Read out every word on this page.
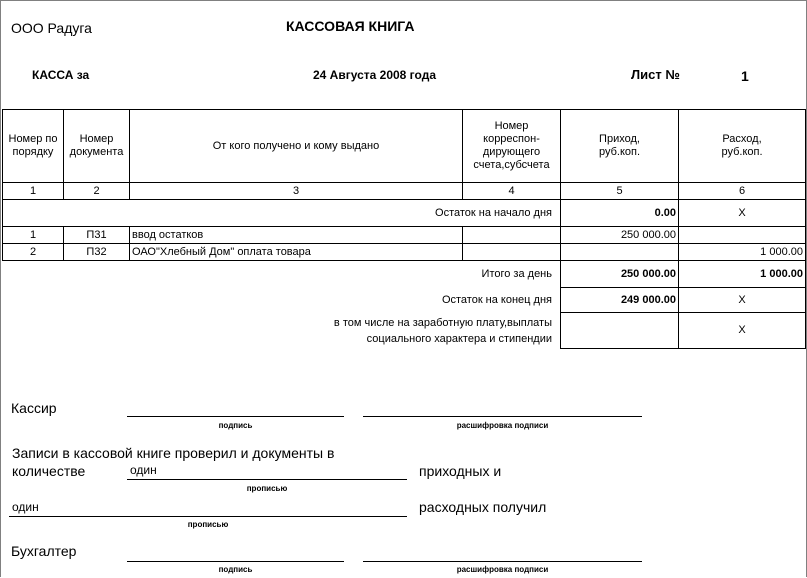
ООО Радуга	КАССОВАЯ КНИГА
КАССА за	24 Августа 2008 года	Лист №	1
Номер по порядку	Номер документа	От кого получено и кому выдано	Номер корреспон-дирующего счета,субсчета	Приход, руб.коп.	Расход, руб.коп.
1	2	3	4	5	6
Остаток на начало дня				0.00	X
1	П31	ввод остатков		250 000.00	
2	П32	ОАО"Хлебный Дом" оплата товара			1 000.00
Итого за день				250 000.00	1 000.00
Остаток на конец дня				249 000.00	X

в том числе на заработную плату,выплаты
социального характера и стипендии					X
Кассир
подпись	расшифровка подписи
Записи в кассовой книге проверил и документы в
количестве	один
прописью
приходных и
один
прописью
расходных получил
Бухгалтер
подпись	расшифровка подписи
